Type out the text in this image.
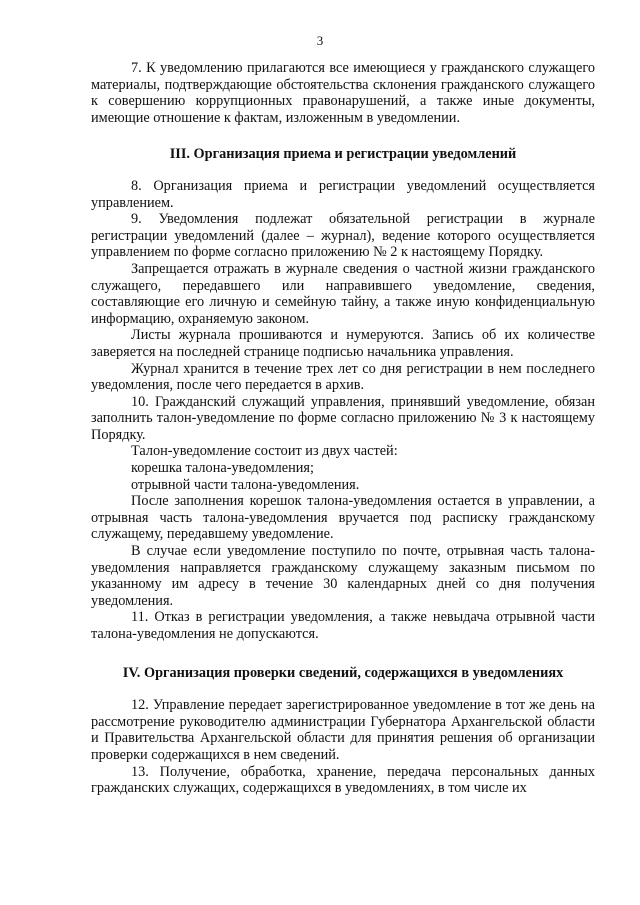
3

7. К уведомлению прилагаются все имеющиеся у гражданского служащего материалы, подтверждающие обстоятельства склонения гражданского служащего к совершению коррупционных правонарушений, а также иные документы, имеющие отношение к фактам, изложенным в уведомлении.

III. Организация приема и регистрации уведомлений

8. Организация приема и регистрации уведомлений осуществляется управлением.

9. Уведомления подлежат обязательной регистрации в журнале регистрации уведомлений (далее – журнал), ведение которого осуществляется управлением по форме согласно приложению № 2 к настоящему Порядку.

Запрещается отражать в журнале сведения о частной жизни гражданского служащего, передавшего или направившего уведомление, сведения, составляющие его личную и семейную тайну, а также иную конфиденциальную информацию, охраняемую законом.

Листы журнала прошиваются и нумеруются. Запись об их количестве заверяется на последней странице подписью начальника управления.

Журнал хранится в течение трех лет со дня регистрации в нем последнего уведомления, после чего передается в архив.

10. Гражданский служащий управления, принявший уведомление, обязан заполнить талон-уведомление по форме согласно приложению № 3 к настоящему Порядку.

Талон-уведомление состоит из двух частей:

корешка талона-уведомления;

отрывной части талона-уведомления.

После заполнения корешок талона-уведомления остается в управлении, а отрывная часть талона-уведомления вручается под расписку гражданскому служащему, передавшему уведомление.

В случае если уведомление поступило по почте, отрывная часть талона-уведомления направляется гражданскому служащему заказным письмом по указанному им адресу в течение 30 календарных дней со дня получения уведомления.

11. Отказ в регистрации уведомления, а также невыдача отрывной части талона-уведомления не допускаются.

IV. Организация проверки сведений, содержащихся в уведомлениях

12. Управление передает зарегистрированное уведомление в тот же день на рассмотрение руководителю администрации Губернатора Архангельской области и Правительства Архангельской области для принятия решения об организации проверки содержащихся в нем сведений.

13. Получение, обработка, хранение, передача персональных данных гражданских служащих, содержащихся в уведомлениях, в том числе их
